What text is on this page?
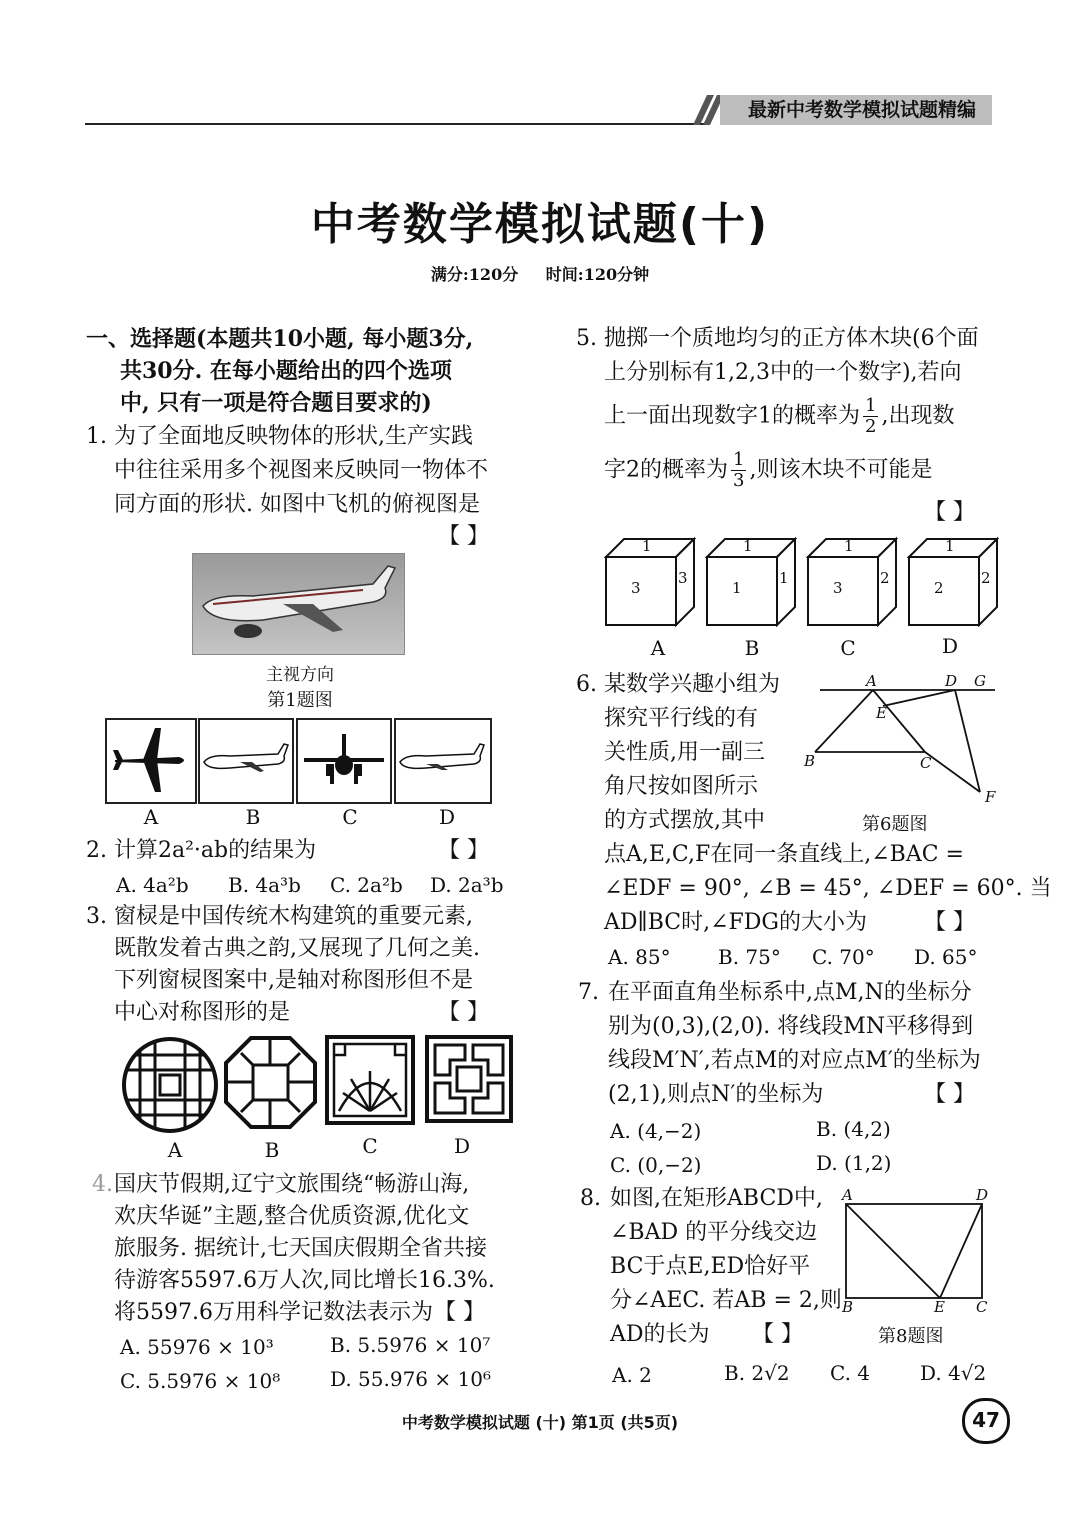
最新中考数学模拟试题精编
中考数学模拟试题(十)
满分:120分 时间:120分钟
一、选择题(本题共10小题, 每小题3分,
共30分. 在每小题给出的四个选项
中, 只有一项是符合题目要求的)
1. 为了全面地反映物体的形状,生产实践
中往往采用多个视图来反映同一物体不
同方面的形状. 如图中飞机的俯视图是
【 】
主视方向
第1题图
A	B	C	D
2. 计算2a²·ab的结果为	【 】
A. 4a²b B. 4a³b C. 2a²b D. 2a³b
3. 窗棂是中国传统木构建筑的重要元素,
既散发着古典之韵,又展现了几何之美.
下列窗棂图案中,是轴对称图形但不是
中心对称图形的是	【 】
A	B	C	D
4. 国庆节假期,辽宁文旅围绕“畅游山海,
欢庆华诞”主题,整合优质资源,优化文
旅服务. 据统计,七天国庆假期全省共接
待游客5597.6万人次,同比增长16.3%.
将5597.6万用科学记数法表示为 【 】
A. 55976 × 10³	B. 5.5976 × 10⁷
C. 5.5976 × 10⁸ D. 55.976 × 10⁶
5. 抛掷一个质地均匀的正方体木块(6个面
上分别标有1,2,3中的一个数字),若向
上一面出现数字1的概率为 $\frac{1}{2}$ ,出现数
字2的概率为 $\frac{1}{3}$ ,则该木块不可能是
【 】
1
3
3
1
1
1
1
3
2
1
2
2
A	B	C	D
6. 某数学兴趣小组为
探究平行线的有
关性质,用一副三
角尺按如图所示
的方式摆放,其中
点A,E,C,F在同一条直线上,∠BAC =
∠EDF = 90°, ∠B = 45°, ∠DEF = 60°. 当
AD∥BC时,∠FDG的大小为	【 】
A	D G
E
B	C
F
第6题图
A. 85° B. 75° C. 70° D. 65°
7. 在平面直角坐标系中,点M,N的坐标分
别为(0,3),(2,0). 将线段MN平移得到
线段M′N′,若点M的对应点M′的坐标为
(2,1),则点N′的坐标为	【 】
A. (4,−2)	B. (4,2)
C. (0,−2)	D. (1,2)
8. 如图,在矩形ABCD中,
∠BAD 的平分线交边
BC于点E,ED恰好平
分∠AEC. 若AB = 2,则
AD的长为 【 】
A	D
B	E C
第8题图
A. 2	B. 2√2 C. 4 D. 4√2
中考数学模拟试题 (十) 第1页 (共5页)	47
